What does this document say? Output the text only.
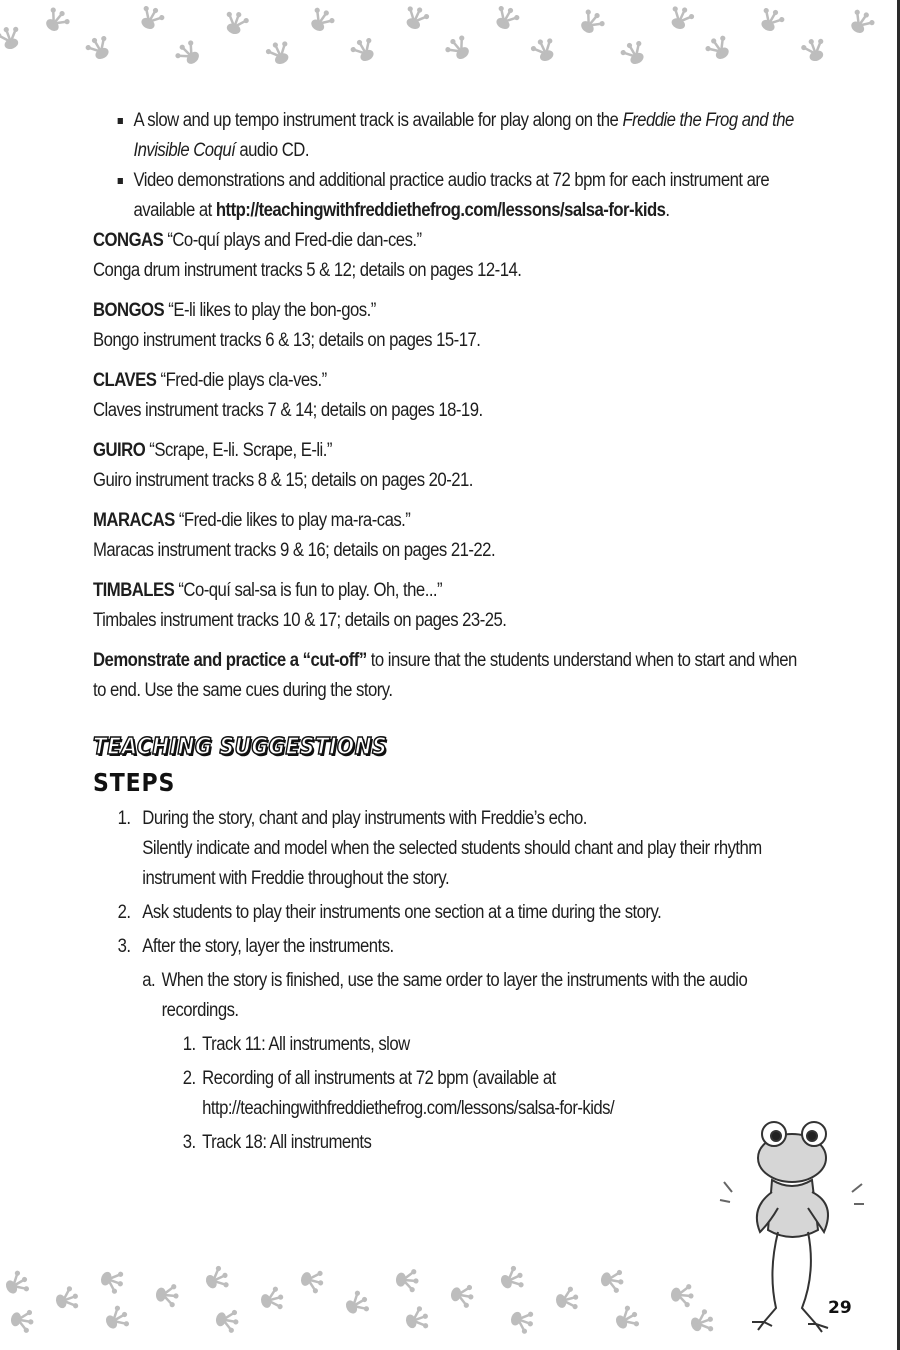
A slow and up tempo instrument track is available for play along on the Freddie the Frog and the Invisible Coquí audio CD.
Video demonstrations and additional practice audio tracks at 72 bpm for each instrument are available at http://teachingwithfreddiethefrog.com/lessons/salsa-for-kids.
CONGAS “Co-quí plays and Fred-die dan-ces.”
Conga drum instrument tracks 5 & 12; details on pages 12-14.
BONGOS “E-li likes to play the bon-gos.”
Bongo instrument tracks 6 & 13; details on pages 15-17.
CLAVES “Fred-die plays cla-ves.”
Claves instrument tracks 7 & 14; details on pages 18-19.
GUIRO “Scrape, E-li. Scrape, E-li.”
Guiro instrument tracks 8 & 15; details on pages 20-21.
MARACAS “Fred-die likes to play ma-ra-cas.”
Maracas instrument tracks 9 & 16; details on pages 21-22.
TIMBALES “Co-quí sal-sa is fun to play. Oh, the...”
Timbales instrument tracks 10 & 17; details on pages 23-25.
Demonstrate and practice a “cut-off” to insure that the students understand when to start and when to end. Use the same cues during the story.
TEACHING SUGGESTIONS
STEPS
1. During the story, chant and play instruments with Freddie’s echo.
Silently indicate and model when the selected students should chant and play their rhythm instrument with Freddie throughout the story.
2. Ask students to play their instruments one section at a time during the story.
3. After the story, layer the instruments.
a. When the story is finished, use the same order to layer the instruments with the audio recordings.
1. Track 11: All instruments, slow
2. Recording of all instruments at 72 bpm (available at http://teachingwithfreddiethefrog.com/lessons/salsa-for-kids/
3. Track 18: All instruments
29
